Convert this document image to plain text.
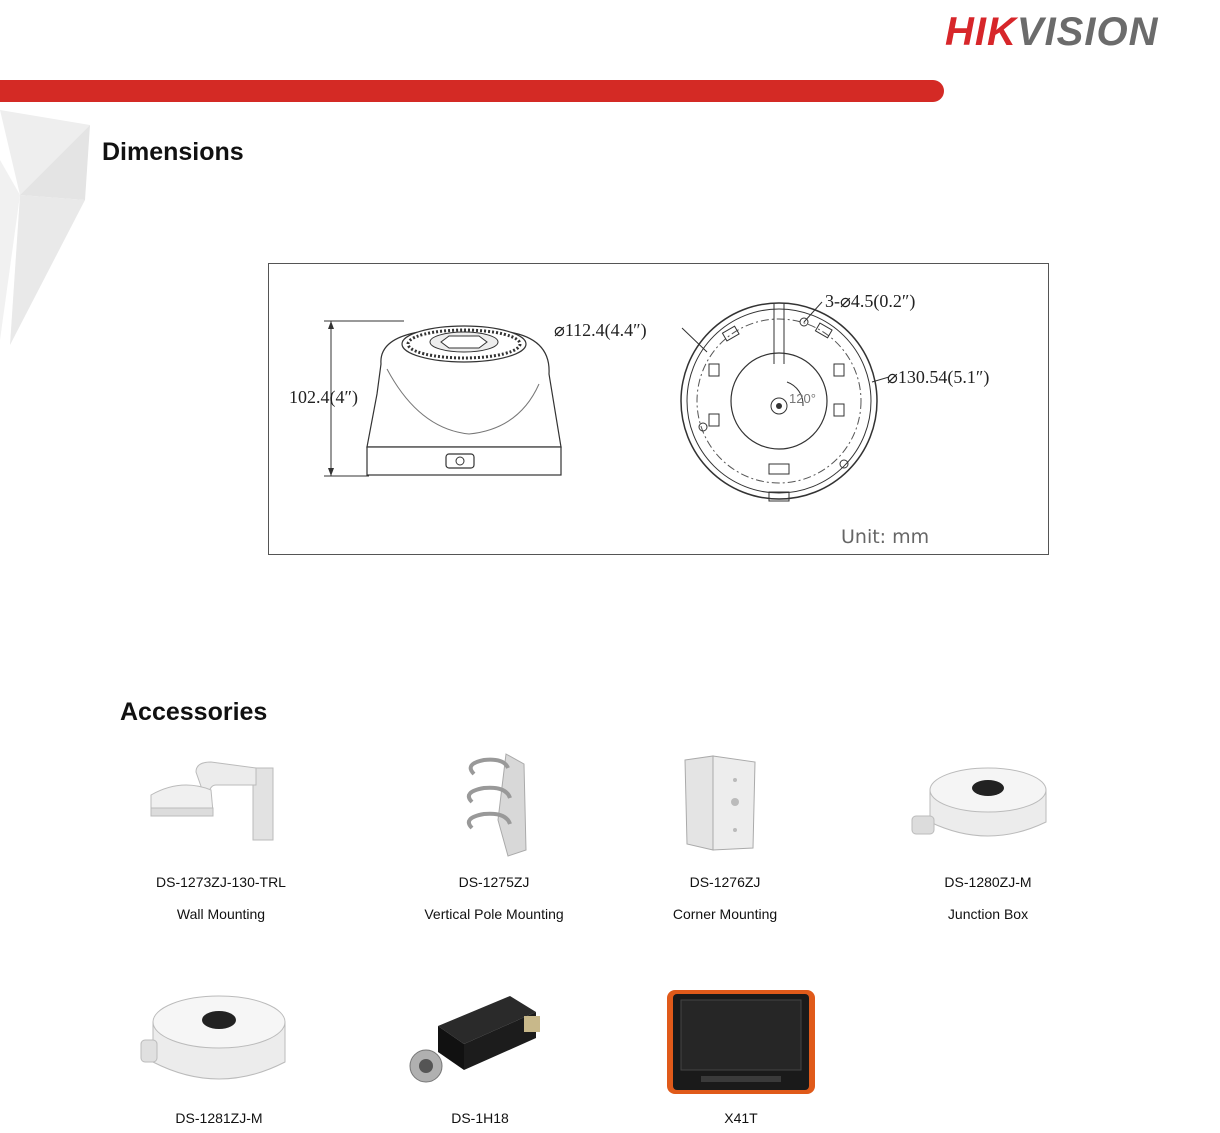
HIKVISION
Dimensions
102.4(4″)	120°
⌀112.4(4.4″)
3-⌀4.5(0.2″)
⌀130.54(5.1″)
Unit: mm
Accessories
DS-1273ZJ-130-TRL
Wall Mounting
DS-1275ZJ
Vertical Pole Mounting
DS-1276ZJ
Corner Mounting
DS-1280ZJ-M
Junction Box
DS-1281ZJ-M	DS-1H18	X41T
